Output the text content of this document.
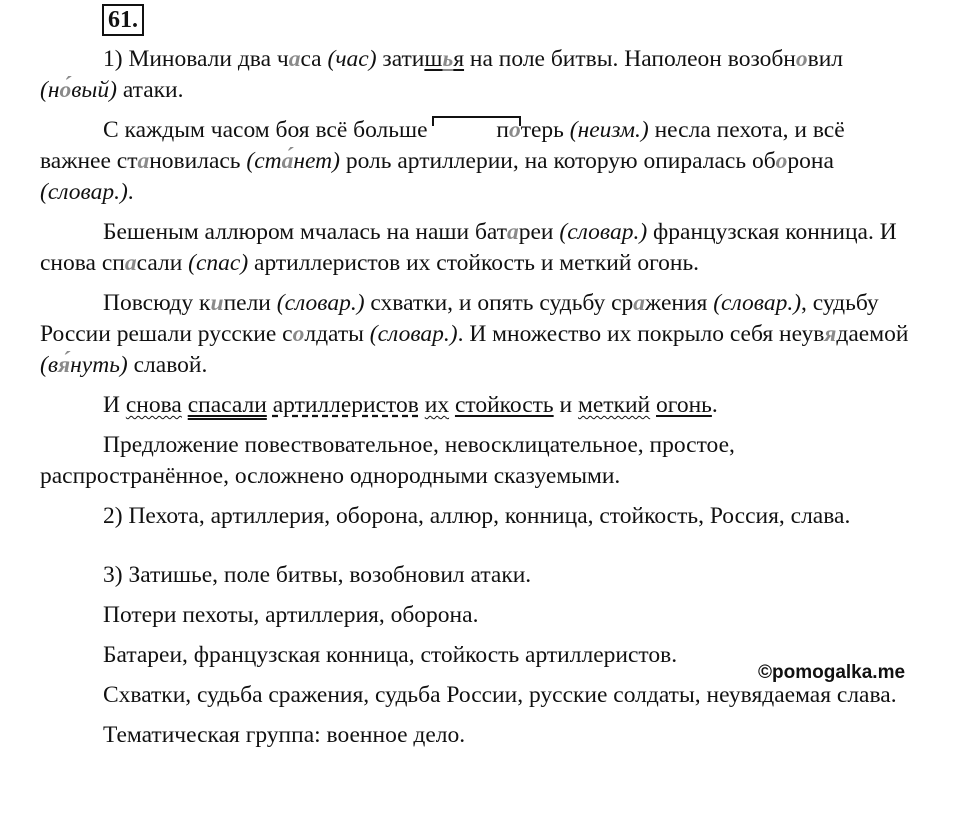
61.

1) Миновали два часа (час) затишья на поле битвы. Наполеон возобновил (но́вый) атаки.

С каждым часом боя всё больше	потерь (неизм.) несла пехота, и всё важнее становилась (ста́нет) роль артиллерии, на которую опиралась оборона (словар.).

Бешеным аллюром мчалась на наши батареи (словар.) французская конница. И снова спасали (спас) артиллеристов их стойкость и меткий огонь.

Повсюду кипели (словар.) схватки, и опять судьбу сражения (словар.), судьбу России решали русские солдаты (словар.). И множество их покрыло себя неувядаемой (вя́нуть) славой.

И снова спасали артиллеристов их стойкость и меткий огонь.

Предложение повествовательное, невосклицательное, простое, распространённое, осложнено однородными сказуемыми.

2) Пехота, артиллерия, оборона, аллюр, конница, стойкость, Россия, слава.

3) Затишье, поле битвы, возобновил атаки.

Потери пехоты, артиллерия, оборона.

Батареи, французская конница, стойкость артиллеристов.

Схватки, судьба сражения, судьба России, русские солдаты, неувядаемая слава.

Тематическая группа: военное дело.

©pomogalka.me
